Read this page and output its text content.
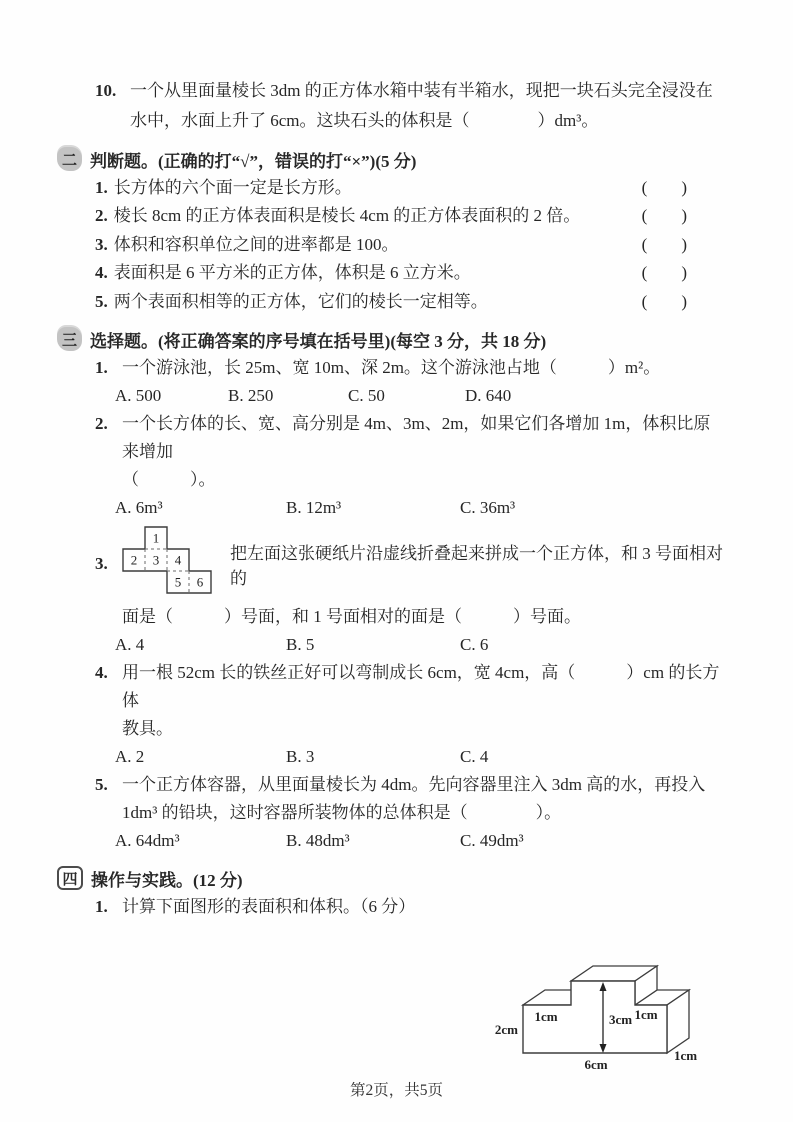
10. 一个从里面量棱长 3dm 的正方体水箱中装有半箱水，现把一块石头完全浸没在
水中，水面上升了 6cm。这块石头的体积是（　　　　）dm³。
二 判断题。(正确的打“√”，错误的打“×”)(5 分)
1. 长方体的六个面一定是长方形。	(　　)
2. 棱长 8cm 的正方体表面积是棱长 4cm 的正方体表面积的 2 倍。	(　　)
3. 体积和容积单位之间的进率都是 100。	(　　)
4. 表面积是 6 平方米的正方体，体积是 6 立方米。	(　　)
5. 两个表面积相等的正方体，它们的棱长一定相等。	(　　)
三 选择题。(将正确答案的序号填在括号里)(每空 3 分，共 18 分)
1. 一个游泳池，长 25m、宽 10m、深 2m。这个游泳池占地（　　　）m²。
A. 500	B. 250	C. 50	D. 640
2. 一个长方体的长、宽、高分别是 4m、3m、2m，如果它们各增加 1m，体积比原来增加
（　　　）。
A. 6m³	B. 12m³	C. 36m³
3.
1
2 3 4
5 6
把左面这张硬纸片沿虚线折叠起来拼成一个正方体，和 3 号面相对的
面是（　　　）号面，和 1 号面相对的面是（　　　）号面。
A. 4	B. 5	C. 6
4. 用一根 52cm 长的铁丝正好可以弯制成长 6cm，宽 4cm，高（　　　）cm 的长方体
教具。
A. 2	B. 3	C. 4
5. 一个正方体容器，从里面量棱长为 4dm。先向容器里注入 3dm 高的水，再投入
1dm³ 的铅块，这时容器所装物体的总体积是（　　　　）。
A. 64dm³	B. 48dm³	C. 49dm³
四 操作与实践。(12 分)
1. 计算下面图形的表面积和体积。（6 分）
1cm	1cm
3cm
2cm
6cm
1cm
第2页，共5页
